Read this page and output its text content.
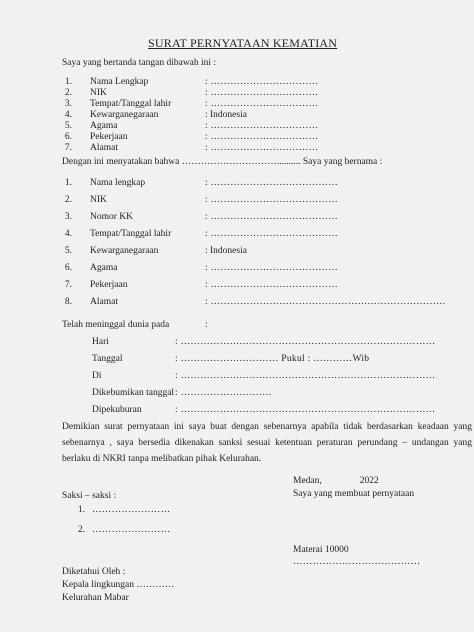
SURAT PERNYATAAN KEMATIAN
Saya yang bertanda tangan dibawah ini :
1. Nama Lengkap	: ……………………………
2. NIK	: ……………………………
3. Tempat/Tanggal lahir	: ……………………………
4. Kewarganegaraan	: Indonesia
5. Agama	: ……………………………
6. Pekerjaan	: ……………………………
7. Alamat	: ……………………………
Dengan ini menyatakan bahwa ………………………….......... Saya yang bernama :
1. Nama lengkap	: …………………………………
2. NIK	: …………………………………
3. Nomor KK	: …………………………………
4. Tempat/Tanggal lahir	: …………………………………
5. Kewarganegaraan	: Indonesia
6. Agama	: …………………………………
7. Pekerjaan	: …………………………………
8. Alamat	: ………………………………………………………………
Telah meninggal dunia pada	:
Hari	: ……………………………………………………………………
Tanggal	: ………………………… Pukul : …………Wib
Di	: ……………………………………………………………………
Dikebumikan tanggal : ……………………….
Dipekuburan	: ……………………………………………………………………
Demikian surat pernyataan ini saya buat dengan sebenarnya apabila tidak berdasarkan keadaan yang sebenarnya , saya bersedia dikenakan sanksi sesuai ketentuan peraturan perundang – undangan yang berlaku di NKRI tanpa melibatkan pihak Kelurahan.
Medan,                2022
Saya yang membuat pernyataan
Saksi – saksi :
1. ……………………
2. ……………………
Materai 10000
…………………………………
Diketahui Oleh :
Kepala lingkungan …………
Kelurahan Mabar
